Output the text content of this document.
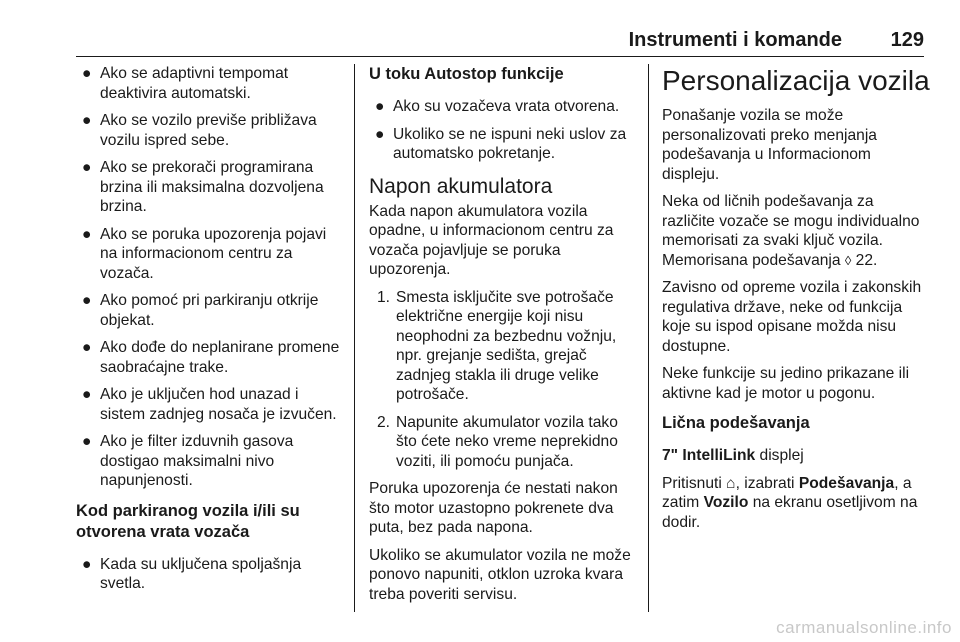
Instrumenti i komande 129
● Ako se adaptivni tempomat deaktivira automatski.
● Ako se vozilo previše približava vozilu ispred sebe.
● Ako se prekorači programirana brzina ili maksimalna dozvoljena brzina.
● Ako se poruka upozorenja pojavi na informacionom centru za vozača.
● Ako pomoć pri parkiranju otkrije objekat.
● Ako dođe do neplanirane promene saobraćajne trake.
● Ako je uključen hod unazad i sistem zadnjeg nosača je izvučen.
● Ako je filter izduvnih gasova dostigao maksimalni nivo napunjenosti.
Kod parkiranog vozila i/ili su otvorena vrata vozača
● Kada su uključena spoljašnja svetla.
U toku Autostop funkcije
● Ako su vozačeva vrata otvorena.
● Ukoliko se ne ispuni neki uslov za automatsko pokretanje.
Napon akumulatora

Kada napon akumulatora vozila opadne, u informacionom centru za vozača pojavljuje se poruka upozorenja.

1. Smesta isključite sve potrošače električne energije koji nisu neophodni za bezbednu vožnju, npr. grejanje sedišta, grejač zadnjeg stakla ili druge velike potrošače.
2. Napunite akumulator vozila tako što ćete neko vreme neprekidno voziti, ili pomoću punjača.

Poruka upozorenja će nestati nakon što motor uzastopno pokrenete dva puta, bez pada napona.

Ukoliko se akumulator vozila ne može ponovo napuniti, otklon uzroka kvara treba poveriti servisu.

Personalizacija vozila

Ponašanje vozila se može personalizovati preko menjanja podešavanja u Informacionom displeju.

Neka od ličnih podešavanja za različite vozače se mogu individualno memorisati za svaki ključ vozila. Memorisana podešavanja ◊ 22.

Zavisno od opreme vozila i zakonskih regulativa države, neke od funkcija koje su ispod opisane možda nisu dostupne.

Neke funkcije su jedino prikazane ili aktivne kad je motor u pogonu.

Lična podešavanja

7" IntelliLink displej

Pritisnuti ⌂, izabrati Podešavanja, a zatim Vozilo na ekranu osetljivom na dodir.

carmanualsonline.info
